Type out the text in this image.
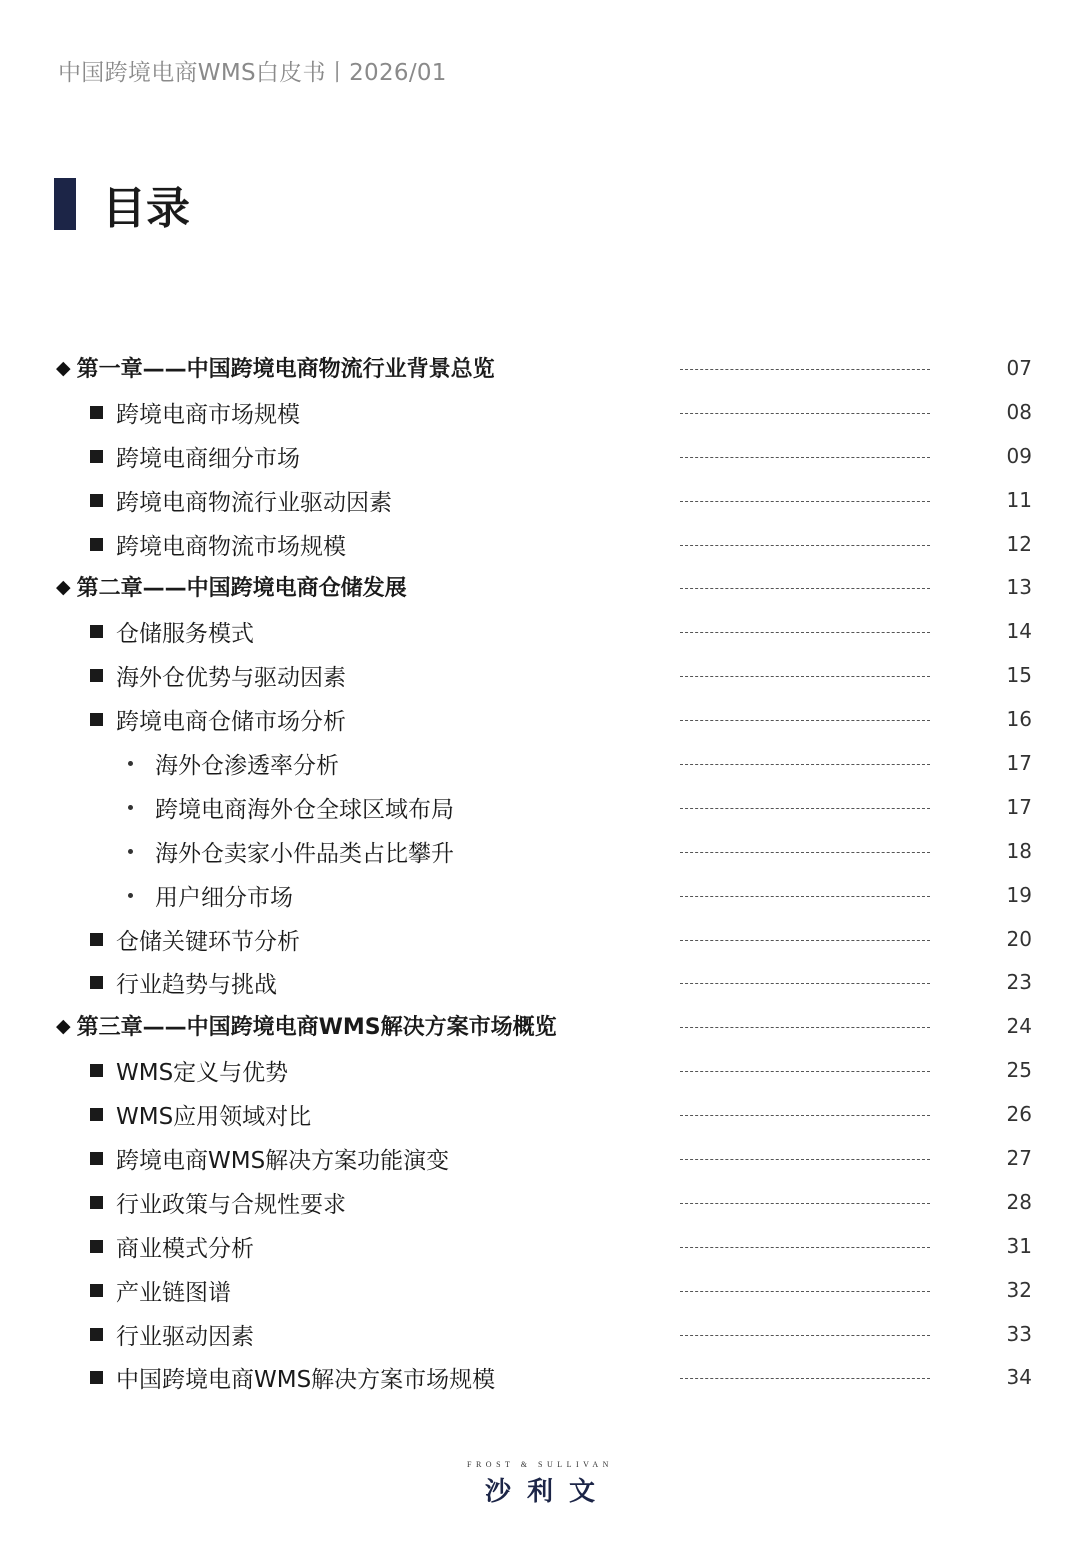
中国跨境电商WMS白皮书丨2026/01
目录
◆ 第一章——中国跨境电商物流行业背景总览	07
跨境电商市场规模	08
跨境电商细分市场	09
跨境电商物流行业驱动因素	11
跨境电商物流市场规模	12
◆ 第二章——中国跨境电商仓储发展	13
仓储服务模式	14
海外仓优势与驱动因素	15
跨境电商仓储市场分析	16
海外仓渗透率分析	17
跨境电商海外仓全球区域布局	17
海外仓卖家小件品类占比攀升	18
用户细分市场	19
仓储关键环节分析	20
行业趋势与挑战	23
◆ 第三章——中国跨境电商WMS解决方案市场概览	24
WMS定义与优势	25
WMS应用领域对比	26
跨境电商WMS解决方案功能演变	27
行业政策与合规性要求	28
商业模式分析	31
产业链图谱	32
行业驱动因素	33
中国跨境电商WMS解决方案市场规模	34
FROST & SULLIVAN
沙利文
